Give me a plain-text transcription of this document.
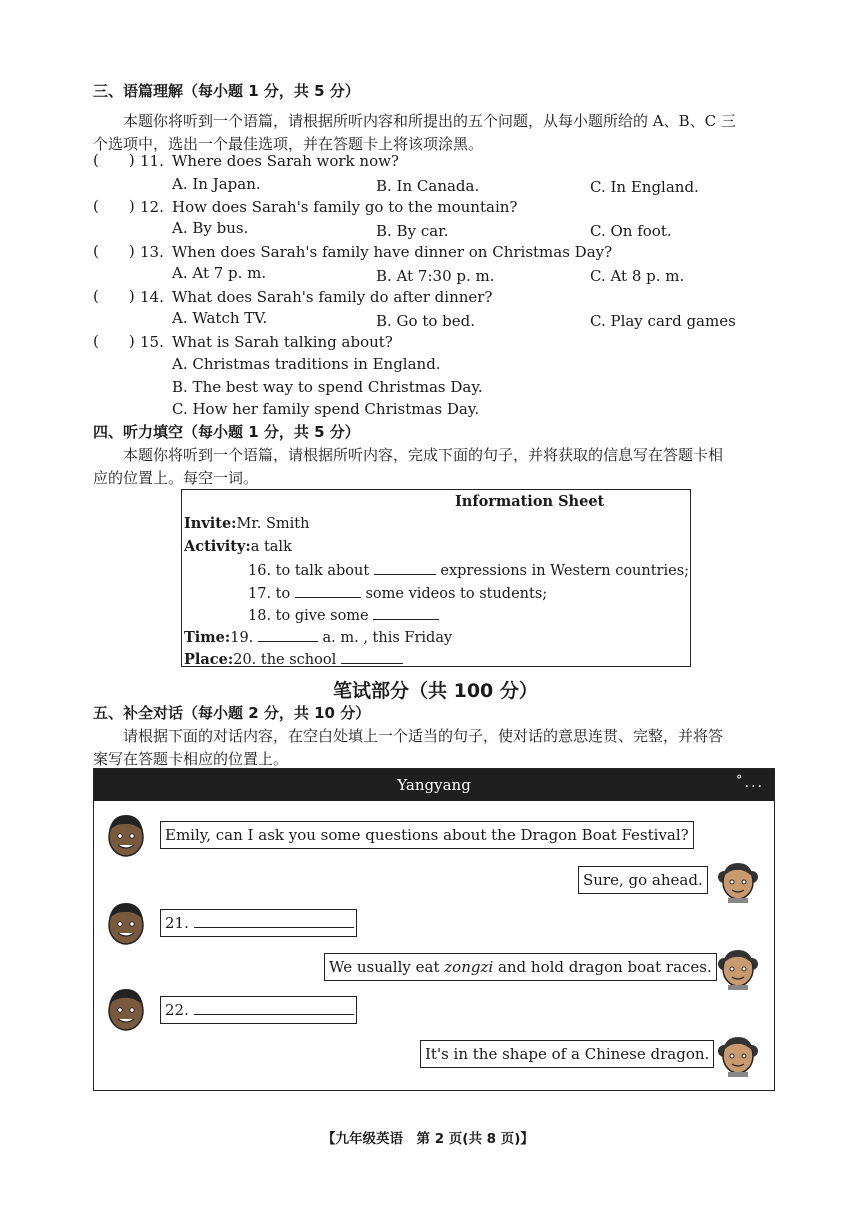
三、语篇理解（每小题 1 分，共 5 分）
本题你将听到一个语篇，请根据所听内容和所提出的五个问题，从每小题所给的 A、B、C 三
个选项中，选出一个最佳选项，并在答题卡上将该项涂黑。
(　　) 11. Where does Sarah work now?
A. In Japan.	B. In Canada.	C. In England.
(　　) 12. How does Sarah's family go to the mountain?
A. By bus.	B. By car.	C. On foot.
(　　) 13. When does Sarah's family have dinner on Christmas Day?
A. At 7 p. m.	B. At 7:30 p. m.	C. At 8 p. m.
(　　) 14. What does Sarah's family do after dinner?
A. Watch TV.	B. Go to bed.	C. Play card games
(　　) 15. What is Sarah talking about?
A. Christmas traditions in England.
B. The best way to spend Christmas Day.
C. How her family spend Christmas Day.
四、听力填空（每小题 1 分，共 5 分）
本题你将听到一个语篇，请根据所听内容，完成下面的句子，并将获取的信息写在答题卡相
应的位置上。每空一词。
Information Sheet
Invite:Mr. Smith
Activity:a talk
16. to talk about	expressions in Western countries;
17. to	some videos to students;
18. to give some
Time:19.	a. m. , this Friday
Place:20. the school
笔试部分（共 100 分）
五、补全对话（每小题 2 分，共 10 分）
请根据下面的对话内容，在空白处填上一个适当的句子，使对话的意思连贯、完整，并将答
案写在答题卡相应的位置上。
Yangyang	˚...
Emily, can I ask you some questions about the Dragon Boat Festival?
Sure, go ahead.
21.
We usually eat zongzi and hold dragon boat races.
22.
It's in the shape of a Chinese dragon.
【九年级英语　第 2 页(共 8 页)】
